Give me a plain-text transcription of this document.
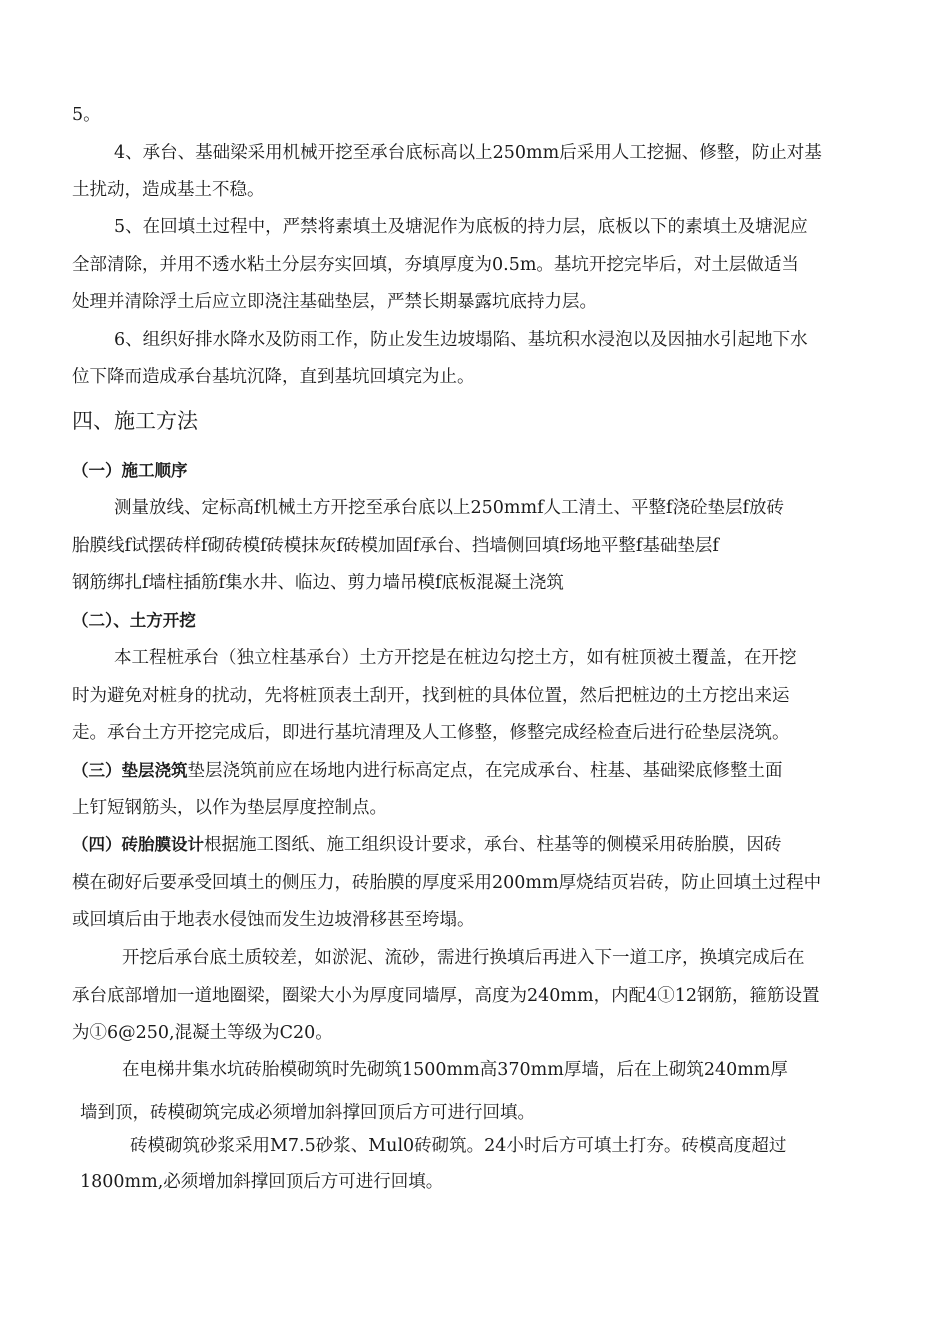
5。
4、承台、基础梁采用机械开挖至承台底标高以上250mm后采用人工挖掘、修整，防止对基
土扰动，造成基土不稳。
5、在回填土过程中，严禁将素填土及塘泥作为底板的持力层，底板以下的素填土及塘泥应
全部清除，并用不透水粘土分层夯实回填，夯填厚度为0.5m。基坑开挖完毕后，对土层做适当
处理并清除浮土后应立即浇注基础垫层，严禁长期暴露坑底持力层。
6、组织好排水降水及防雨工作，防止发生边坡塌陷、基坑积水浸泡以及因抽水引起地下水
位下降而造成承台基坑沉降，直到基坑回填完为止。
测量放线、定标高f机械土方开挖至承台底以上250mmf人工清土、平整f浇砼垫层f放砖
胎膜线f试摆砖样f砌砖模f砖模抹灰f砖模加固f承台、挡墙侧回填f场地平整f基础垫层f
钢筋绑扎f墙柱插筋f集水井、临边、剪力墙吊模f底板混凝土浇筑
本工程桩承台（独立柱基承台）土方开挖是在桩边勾挖土方，如有桩顶被土覆盖，在开挖
时为避免对桩身的扰动，先将桩顶表土刮开，找到桩的具体位置，然后把桩边的土方挖出来运
走。承台土方开挖完成后，即进行基坑清理及人工修整，修整完成经检查后进行砼垫层浇筑。
上钉短钢筋头，以作为垫层厚度控制点。
模在砌好后要承受回填土的侧压力，砖胎膜的厚度采用200mm厚烧结页岩砖，防止回填土过程中
或回填后由于地表水侵蚀而发生边坡滑移甚至垮塌。
开挖后承台底土质较差，如淤泥、流砂，需进行换填后再进入下一道工序，换填完成后在
承台底部增加一道地圈梁，圈梁大小为厚度同墙厚，高度为240mm，内配4①12钢筋，箍筋设置
为①6@250,混凝土等级为C20。
在电梯井集水坑砖胎模砌筑时先砌筑1500mm高370mm厚墙，后在上砌筑240mm厚
墙到顶，砖模砌筑完成必须增加斜撑回顶后方可进行回填。
砖模砌筑砂浆采用M7.5砂浆、Mul0砖砌筑。24小时后方可填土打夯。砖模高度超过
1800mm,必须增加斜撑回顶后方可进行回填。
四、施工方法
（一）施工顺序
（二）、土方开挖
（三）垫层浇筑垫层浇筑前应在场地内进行标高定点，在完成承台、柱基、基础梁底修整土面
（四）砖胎膜设计根据施工图纸、施工组织设计要求，承台、柱基等的侧模采用砖胎膜，因砖
